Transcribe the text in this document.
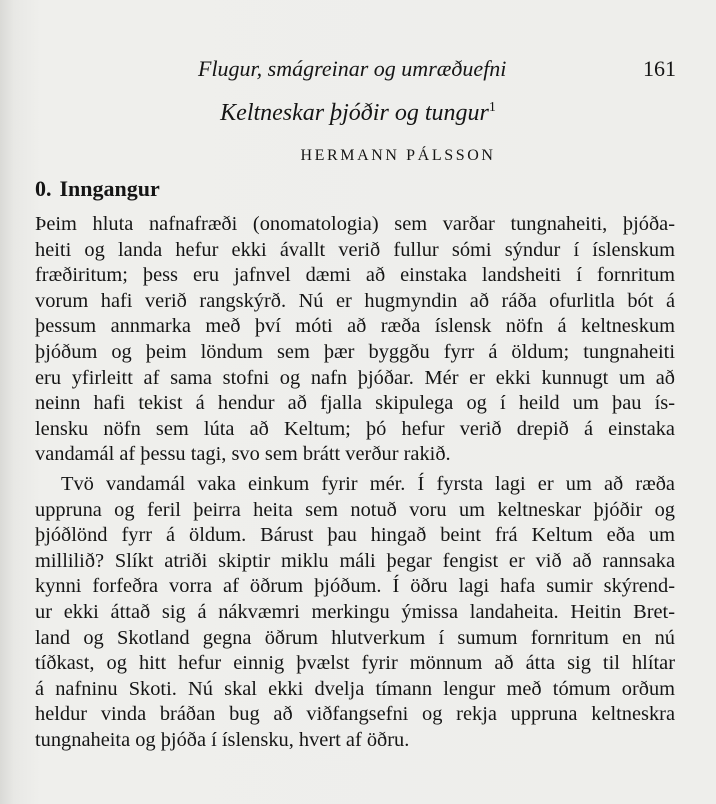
Flugur, smágreinar og umræðuefni	161
Keltneskar þjóðir og tungur$^1$
HERMANN PÁLSSON
0. Inngangur
Þeim hluta nafnafræði (onomatologia) sem varðar tungnaheiti, þjóða-
heiti og landa hefur ekki ávallt verið fullur sómi sýndur í íslenskum
fræðiritum; þess eru jafnvel dæmi að einstaka landsheiti í fornritum
vorum hafi verið rangskýrð. Nú er hugmyndin að ráða ofurlitla bót á
þessum annmarka með því móti að ræða íslensk nöfn á keltneskum
þjóðum og þeim löndum sem þær byggðu fyrr á öldum; tungnaheiti
eru yfirleitt af sama stofni og nafn þjóðar. Mér er ekki kunnugt um að
neinn hafi tekist á hendur að fjalla skipulega og í heild um þau ís-
lensku nöfn sem lúta að Keltum; þó hefur verið drepið á einstaka
vandamál af þessu tagi, svo sem brátt verður rakið.
Tvö vandamál vaka einkum fyrir mér. Í fyrsta lagi er um að ræða
uppruna og feril þeirra heita sem notuð voru um keltneskar þjóðir og
þjóðlönd fyrr á öldum. Bárust þau hingað beint frá Keltum eða um
millilið? Slíkt atriði skiptir miklu máli þegar fengist er við að rannsaka
kynni forfeðra vorra af öðrum þjóðum. Í öðru lagi hafa sumir skýrend-
ur ekki áttað sig á nákvæmri merkingu ýmissa landaheita. Heitin Bret-
land og Skotland gegna öðrum hlutverkum í sumum fornritum en nú
tíðkast, og hitt hefur einnig þvælst fyrir mönnum að átta sig til hlítar
á nafninu Skoti. Nú skal ekki dvelja tímann lengur með tómum orðum
heldur vinda bráðan bug að viðfangsefni og rekja uppruna keltneskra
tungnaheita og þjóða í íslensku, hvert af öðru.
